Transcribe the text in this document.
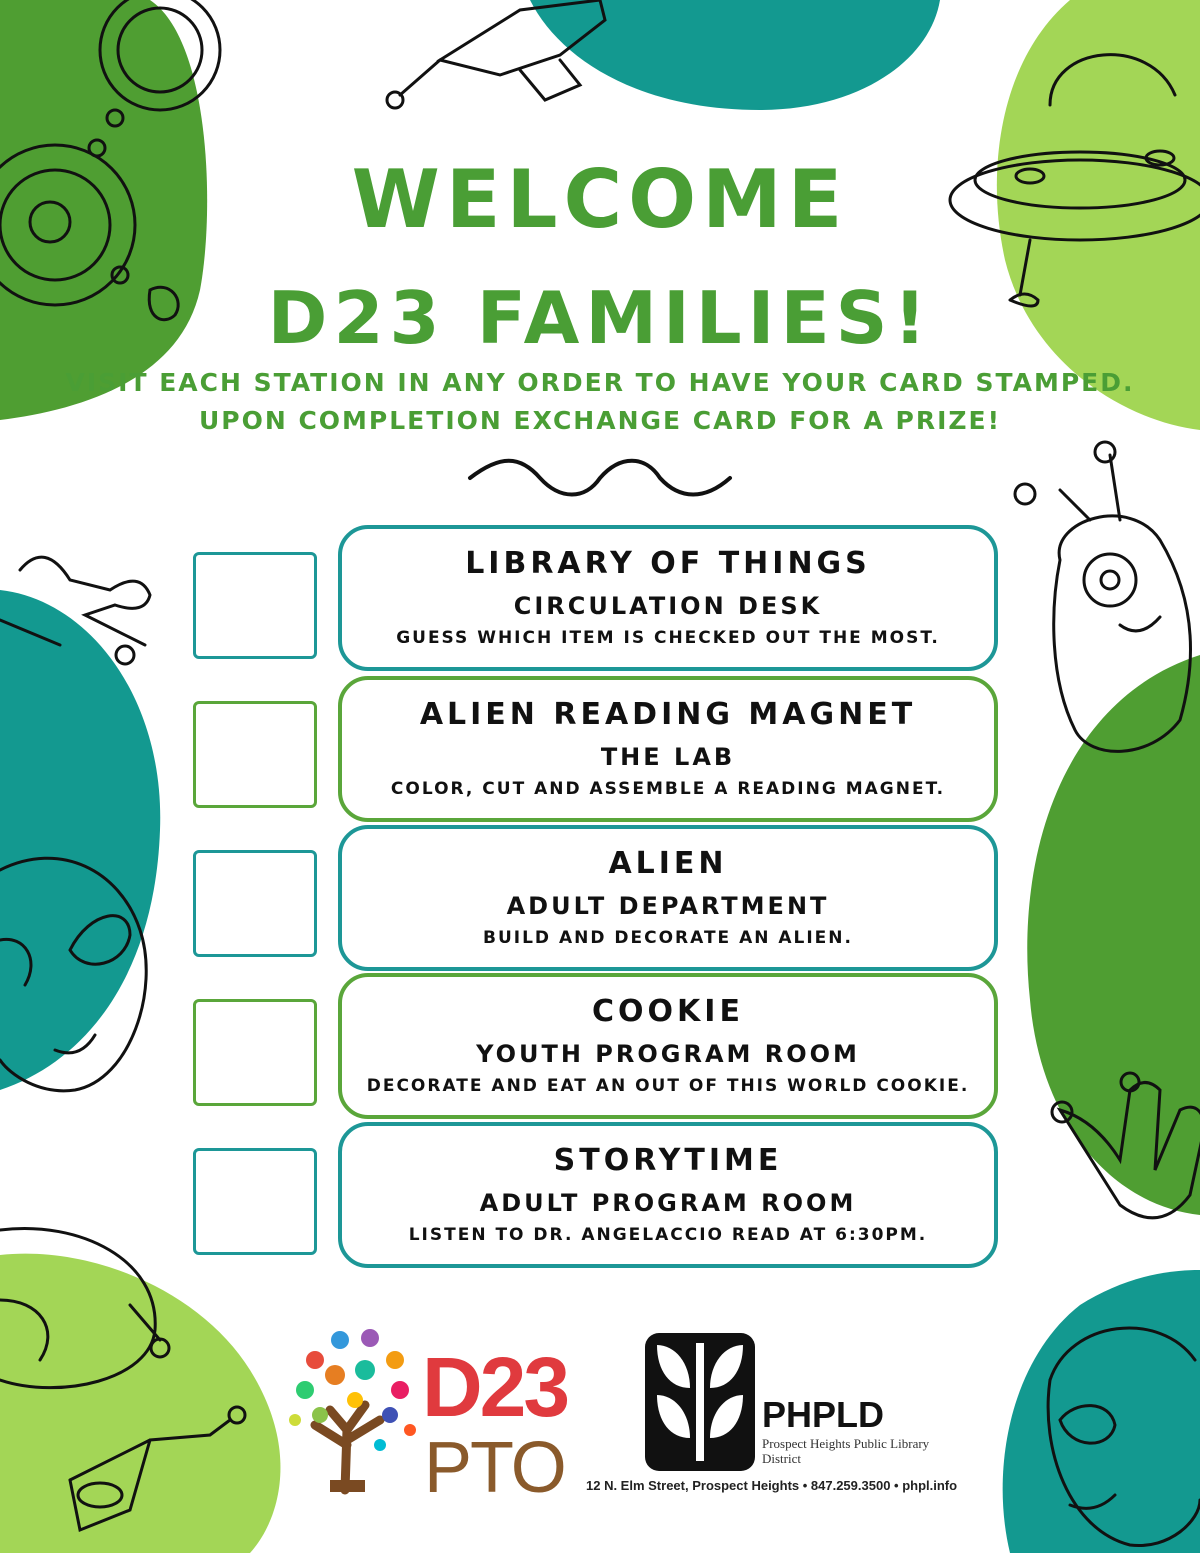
WELCOME
D23 FAMILIES!
VISIT EACH STATION IN ANY ORDER TO HAVE YOUR CARD STAMPED.
UPON COMPLETION EXCHANGE CARD FOR A PRIZE!
LIBRARY OF THINGS
CIRCULATION DESK
GUESS WHICH ITEM IS CHECKED OUT THE MOST.
ALIEN READING MAGNET
THE LAB
COLOR, CUT AND ASSEMBLE A READING MAGNET.
ALIEN
ADULT DEPARTMENT
BUILD AND DECORATE AN ALIEN.
COOKIE
YOUTH PROGRAM ROOM
DECORATE AND EAT AN OUT OF THIS WORLD COOKIE.
STORYTIME
ADULT PROGRAM ROOM
LISTEN TO DR. ANGELACCIO READ AT 6:30PM.
D23
PTO
PHPLD
Prospect Heights Public Library District
12 N. Elm Street, Prospect Heights • 847.259.3500 • phpl.info
